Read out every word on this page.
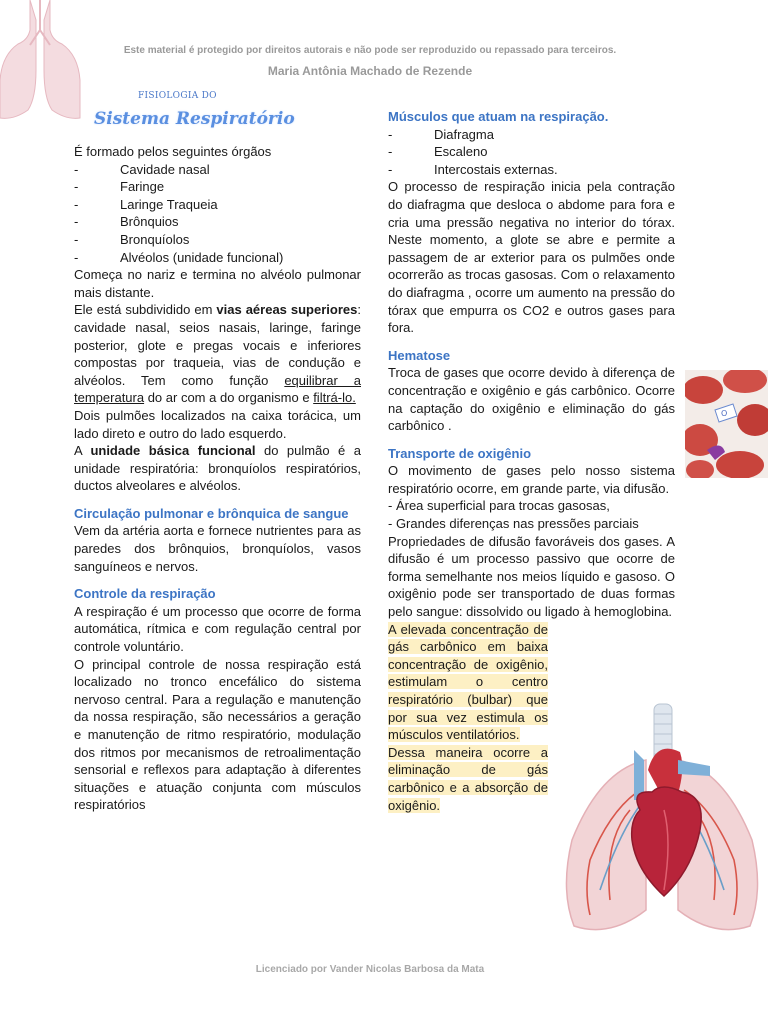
Este material é protegido por direitos autorais e não pode ser reproduzido ou repassado para terceiros.
Maria Antônia Machado de Rezende
FISIOLOGIA DO
Sistema Respiratório

É formado pelos seguintes órgãos

-	Cavidade nasal
-	Faringe
-	Laringe Traqueia
-	Brônquios
-	Bronquíolos
-	Alvéolos (unidade funcional)

Começa no nariz e termina no alvéolo pulmonar mais distante.

Ele está subdividido em vias aéreas superiores: cavidade nasal, seios nasais, laringe, faringe posterior, glote e pregas vocais e inferiores compostas por traqueia, vias de condução e alvéolos. Tem como função equilibrar a temperatura do ar com a do organismo e filtrá-lo.

Dois pulmões localizados na caixa torácica, um lado direto e outro do lado esquerdo.

A unidade básica funcional do pulmão é a unidade respiratória: bronquíolos respiratórios, ductos alveolares e alvéolos.

Circulação pulmonar e brônquica de sangue

Vem da artéria aorta e fornece nutrientes para as paredes dos brônquios, bronquíolos, vasos sanguíneos e nervos.

Controle da respiração

A respiração é um processo que ocorre de forma automática, rítmica e com regulação central por controle voluntário.

O principal controle de nossa respiração está localizado no tronco encefálico do sistema nervoso central. Para a regulação e manutenção da nossa respiração, são necessários a geração e manutenção de ritmo respiratório, modulação dos ritmos por mecanismos de retroalimentação sensorial e reflexos para adaptação à diferentes situações e atuação conjunta com músculos respiratórios

Músculos que atuam na respiração.

-	Diafragma
-	Escaleno
-	Intercostais externas.

O processo de respiração inicia pela contração do diafragma que desloca o abdome para fora e cria uma pressão negativa no interior do tórax. Neste momento, a glote se abre e permite a passagem de ar exterior para os pulmões onde ocorrerão as trocas gasosas. Com o relaxamento do diafragma , ocorre um aumento na pressão do tórax que empurra os CO2 e outros gases para fora.

Hematose

Troca de gases que ocorre devido à diferença de concentração e oxigênio e gás carbônico. Ocorre na captação do oxigênio e eliminação do gás carbônico .

Transporte de oxigênio

O movimento de gases pelo nosso sistema respiratório ocorre, em grande parte, via difusão.

- Área superficial para trocas gasosas,

- Grandes diferenças nas pressões parciais

Propriedades de difusão favoráveis dos gases. A difusão é um processo passivo que ocorre de forma semelhante nos meios líquido e gasoso. O oxigênio pode ser transportado de duas formas pelo sangue: dissolvido ou ligado à hemoglobina.

A elevada concentração de gás carbônico em baixa concentração de oxigênio, estimulam o centro respiratório (bulbar) que por sua vez estimula os músculos ventilatórios.

Dessa maneira ocorre a eliminação de gás carbônico e a absorção de oxigênio.

O
Licenciado por Vander Nicolas Barbosa da Mata
